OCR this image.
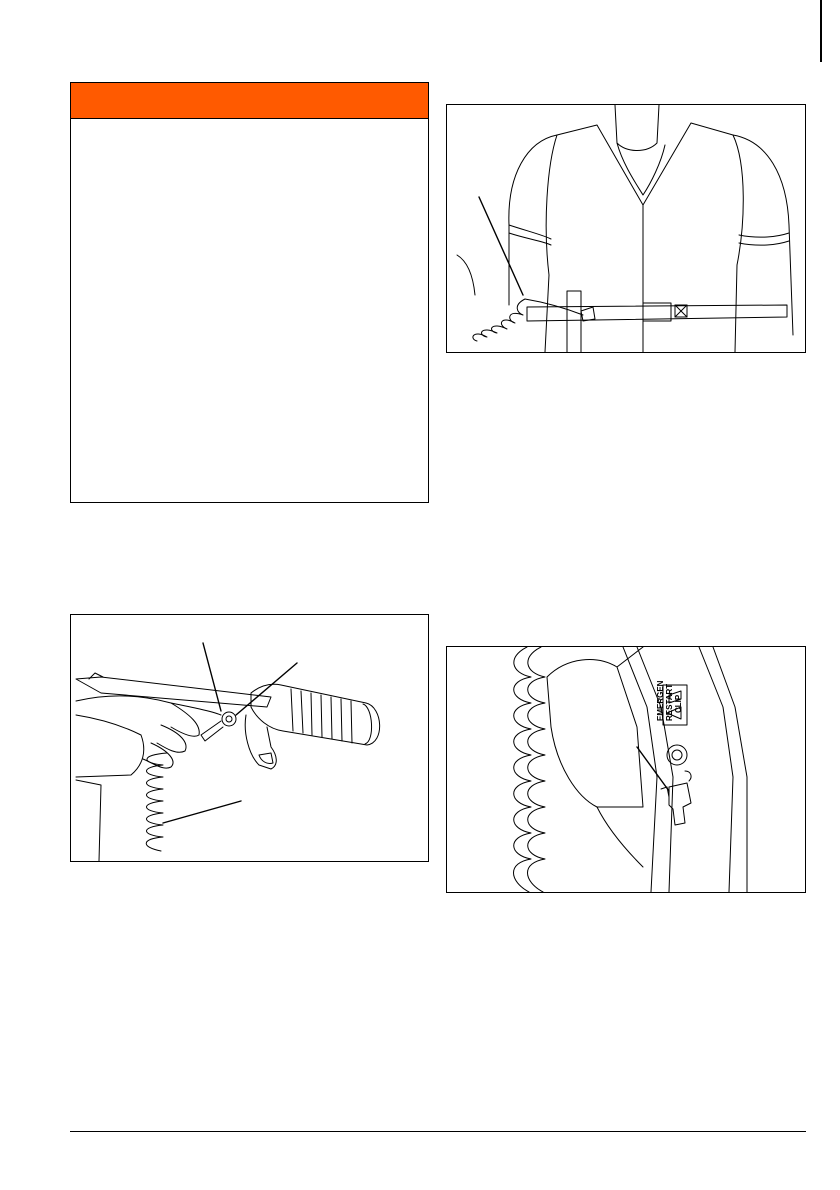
EMERGEN RESTART CLIP
